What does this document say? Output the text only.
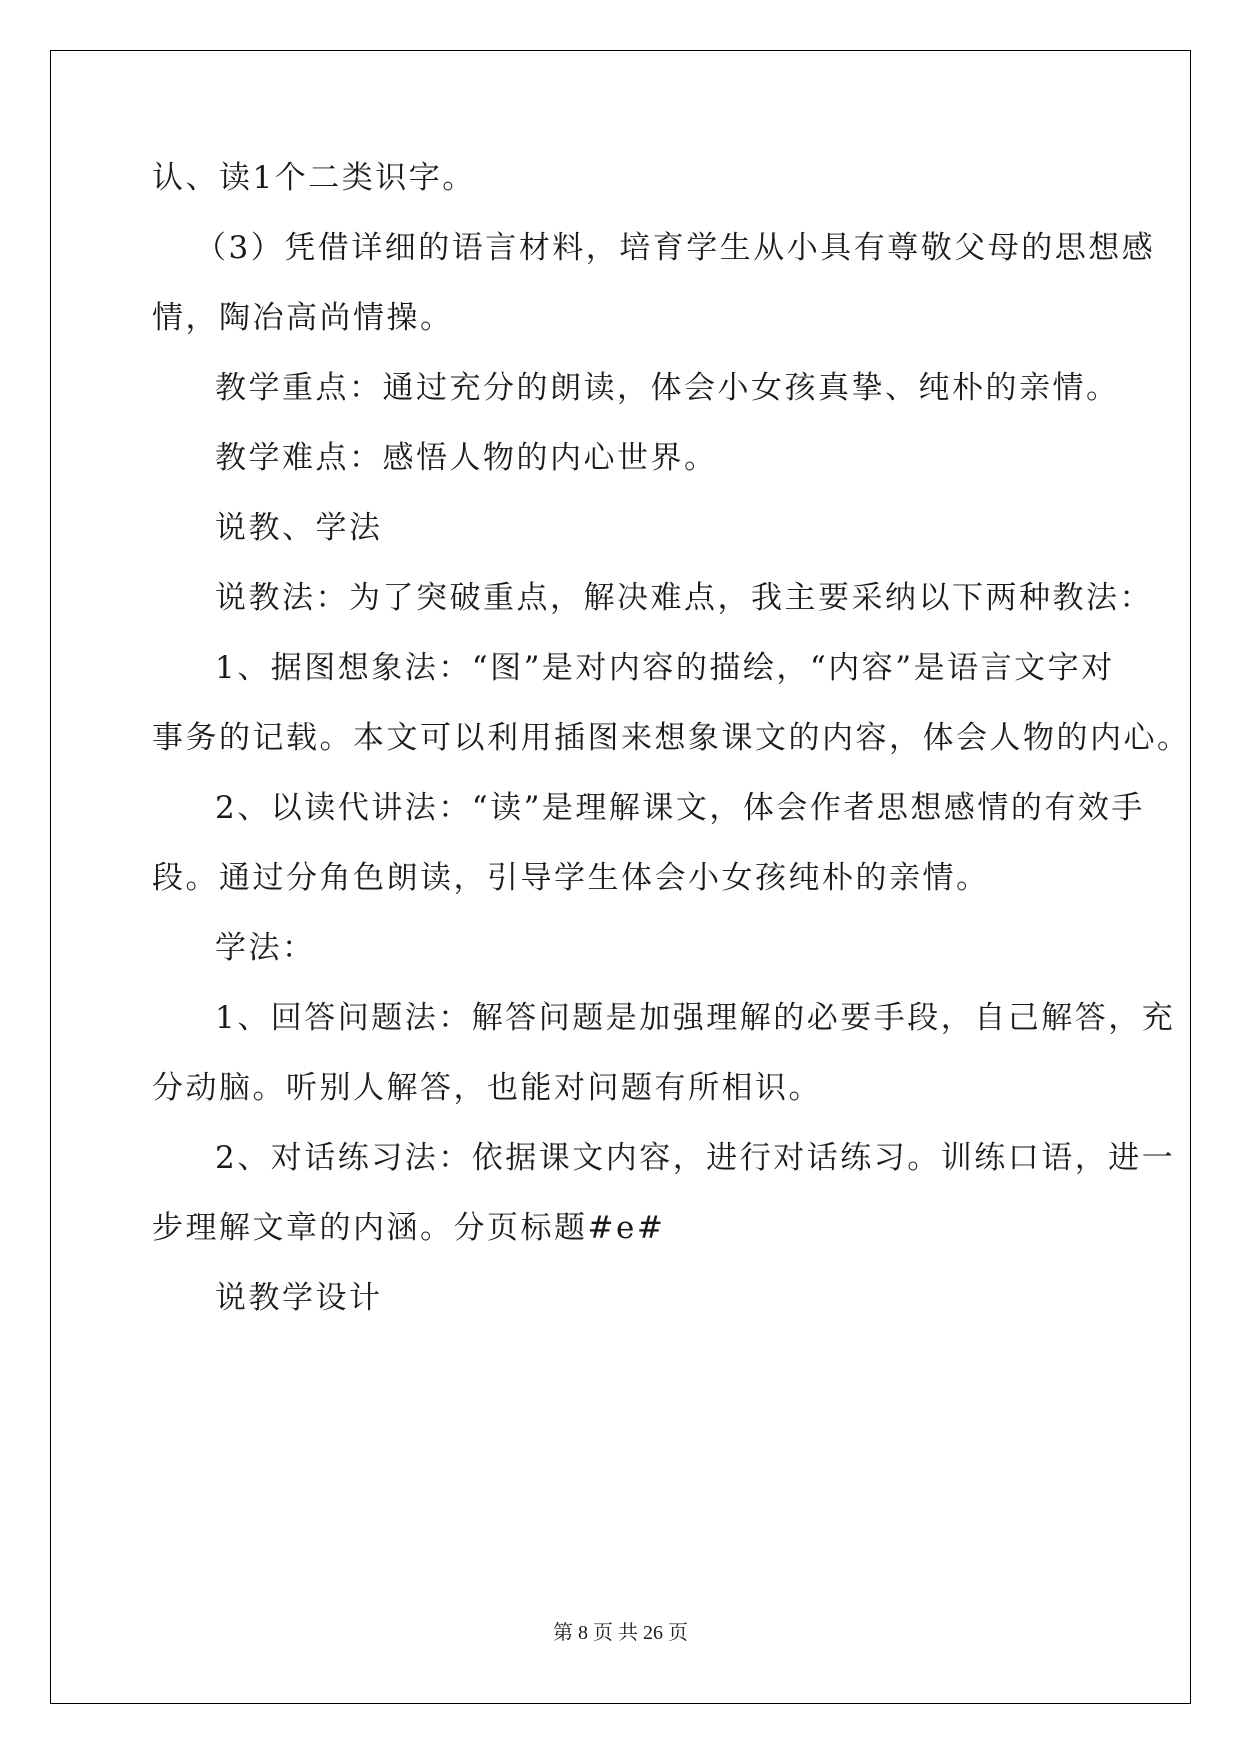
认、读1个二类识字。
（3）凭借详细的语言材料，培育学生从小具有尊敬父母的思想感
情，陶冶高尚情操。
教学重点：通过充分的朗读，体会小女孩真挚、纯朴的亲情。
教学难点：感悟人物的内心世界。
说教、学法
说教法：为了突破重点，解决难点，我主要采纳以下两种教法：
1、据图想象法：“图”是对内容的描绘，“内容”是语言文字对
事务的记载。本文可以利用插图来想象课文的内容，体会人物的内心。
2、以读代讲法：“读”是理解课文，体会作者思想感情的有效手
段。通过分角色朗读，引导学生体会小女孩纯朴的亲情。
学法：
1、回答问题法：解答问题是加强理解的必要手段，自己解答，充
分动脑。听别人解答，也能对问题有所相识。
2、对话练习法：依据课文内容，进行对话练习。训练口语，进一
步理解文章的内涵。分页标题#e#
说教学设计
第 8 页 共 26 页
